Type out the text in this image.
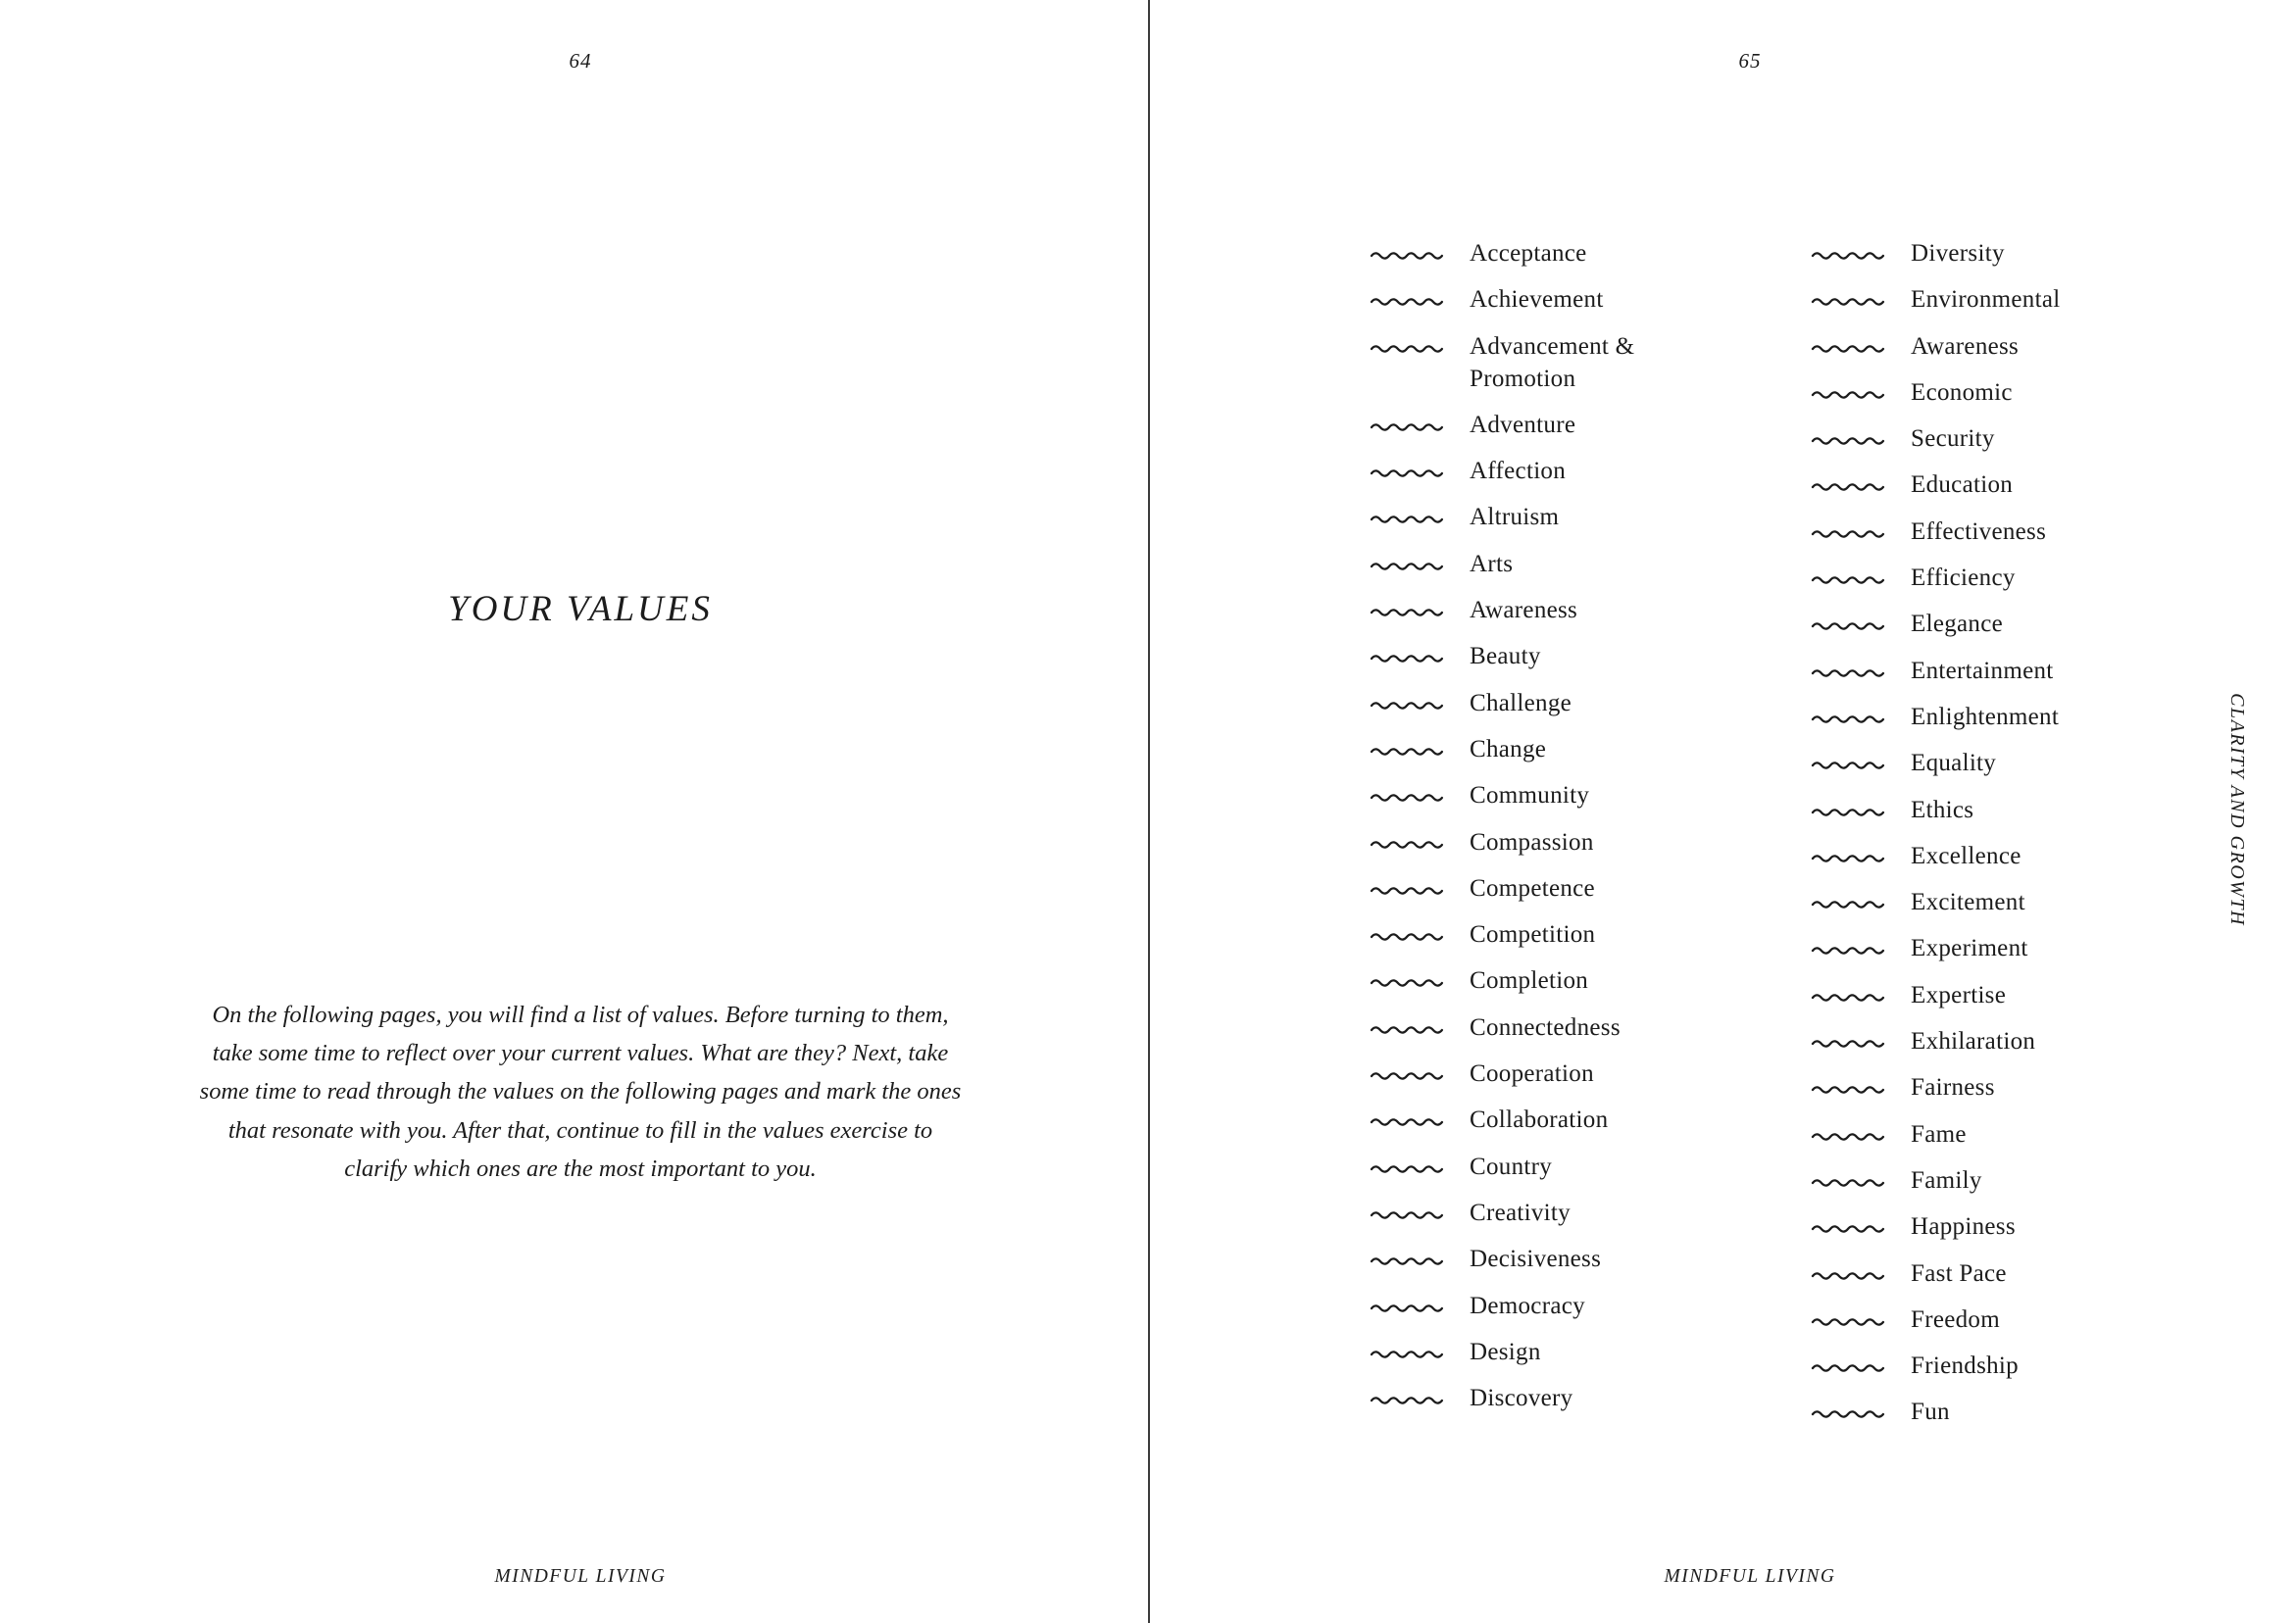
64
YOUR VALUES
On the following pages, you will find a list of values. Before turning to them,
take some time to reflect over your current values. What are they? Next, take
some time to read through the values on the following pages and mark the ones
that resonate with you. After that, continue to fill in the values exercise to
clarify which ones are the most important to you.
MINDFUL LIVING
65
Acceptance
Achievement
Advancement &
Promotion
Adventure
Affection
Altruism
Arts
Awareness
Beauty
Challenge
Change
Community
Compassion
Competence
Competition
Completion
Connectedness
Cooperation
Collaboration
Country
Creativity
Decisiveness
Democracy
Design
Discovery
Diversity
Environmental
Awareness
Economic
Security
Education
Effectiveness
Efficiency
Elegance
Entertainment
Enlightenment
Equality
Ethics
Excellence
Excitement
Experiment
Expertise
Exhilaration
Fairness
Fame
Family
Happiness
Fast Pace
Freedom
Friendship
Fun
MINDFUL LIVING
CLARITY AND GROWTH
